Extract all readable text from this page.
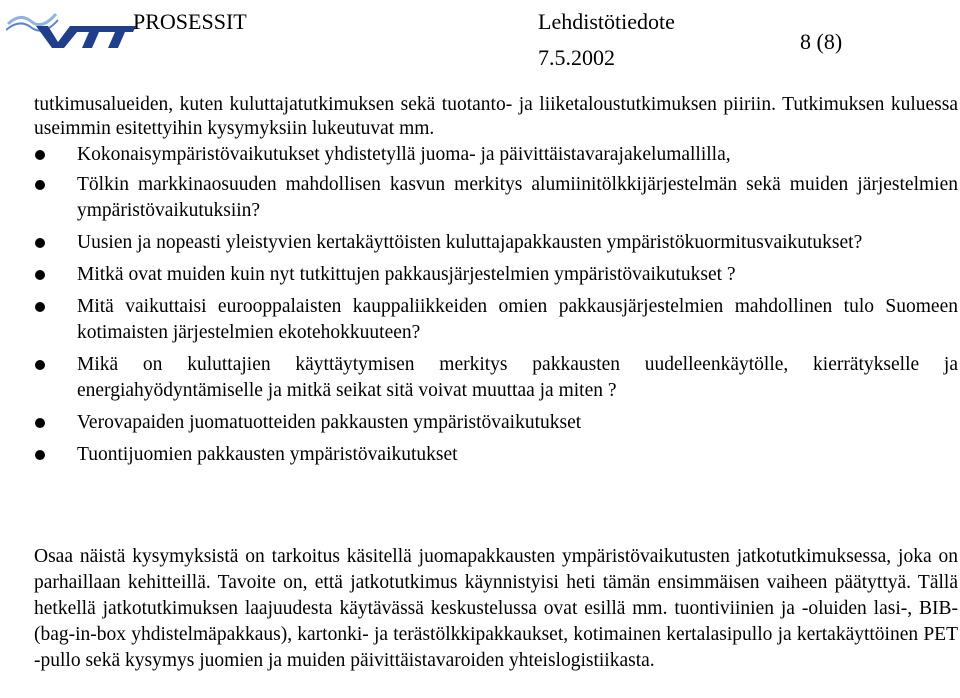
PROSESSIT	Lehdistötiedote
7.5.2002
8 (8)
tutkimusalueiden, kuten kuluttajatutkimuksen sekä tuotanto- ja liiketaloustutkimuksen piiriin. Tutkimuksen kuluessa useimmin esitettyihin kysymyksiin lukeutuvat mm.
Kokonaisympäristövaikutukset yhdistetyllä juoma- ja päivittäistavarajakelumallilla,
Tölkin markkinaosuuden mahdollisen kasvun merkitys alumiinitölkkijärjestelmän sekä muiden järjestelmien ympäristövaikutuksiin?
Uusien ja nopeasti yleistyvien kertakäyttöisten kuluttajapakkausten ympäristökuormitusvaikutukset?
Mitkä ovat muiden kuin nyt tutkittujen pakkausjärjestelmien ympäristövaikutukset ?
Mitä vaikuttaisi eurooppalaisten kauppaliikkeiden omien pakkausjärjestelmien mahdollinen tulo Suomeen kotimaisten järjestelmien ekotehokkuuteen?
Mikä on kuluttajien käyttäytymisen merkitys pakkausten uudelleenkäytölle, kierrätykselle ja energiahyödyntämiselle ja mitkä seikat sitä voivat muuttaa ja miten ?
Verovapaiden juomatuotteiden pakkausten ympäristövaikutukset
Tuontijuomien pakkausten ympäristövaikutukset
Osaa näistä kysymyksistä on tarkoitus käsitellä juomapakkausten ympäristövaikutusten jatkotutkimuksessa, joka on parhaillaan kehitteillä. Tavoite on, että jatkotutkimus käynnistyisi heti tämän ensimmäisen vaiheen päätyttyä. Tällä hetkellä jatkotutkimuksen laajuudesta käytävässä keskustelussa ovat esillä mm. tuontiviinien ja -oluiden lasi-, BIB- (bag-in-box yhdistelmäpakkaus), kartonki- ja terästölkkipakkaukset, kotimainen kertalasipullo ja kertakäyttöinen PET -pullo sekä kysymys juomien ja muiden päivittäistavaroiden yhteislogistiikasta.
